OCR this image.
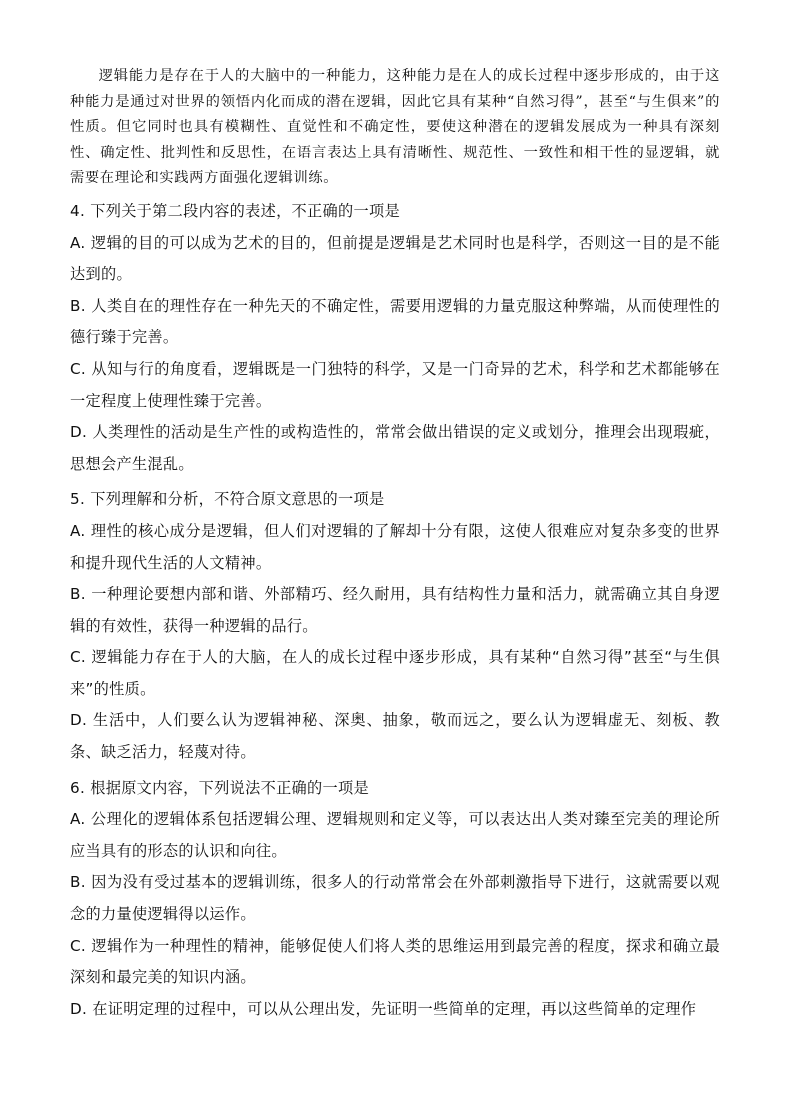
逻辑能力是存在于人的大脑中的一种能力，这种能力是在人的成长过程中逐步形成的，由于这种能力是通过对世界的领悟内化而成的潜在逻辑，因此它具有某种“自然习得”，甚至“与生俱来”的性质。但它同时也具有模糊性、直觉性和不确定性，要使这种潜在的逻辑发展成为一种具有深刻性、确定性、批判性和反思性，在语言表达上具有清晰性、规范性、一致性和相干性的显逻辑，就需要在理论和实践两方面强化逻辑训练。

4. 下列关于第二段内容的表述，不正确的一项是

A. 逻辑的目的可以成为艺术的目的，但前提是逻辑是艺术同时也是科学，否则这一目的是不能达到的。

B. 人类自在的理性存在一种先天的不确定性，需要用逻辑的力量克服这种弊端，从而使理性的德行臻于完善。

C. 从知与行的角度看，逻辑既是一门独特的科学，又是一门奇异的艺术，科学和艺术都能够在一定程度上使理性臻于完善。

D. 人类理性的活动是生产性的或构造性的，常常会做出错误的定义或划分，推理会出现瑕疵，思想会产生混乱。

5. 下列理解和分析，不符合原文意思的一项是

A. 理性的核心成分是逻辑，但人们对逻辑的了解却十分有限，这使人很难应对复杂多变的世界和提升现代生活的人文精神。

B. 一种理论要想内部和谐、外部精巧、经久耐用，具有结构性力量和活力，就需确立其自身逻辑的有效性，获得一种逻辑的品行。

C. 逻辑能力存在于人的大脑，在人的成长过程中逐步形成，具有某种“自然习得”甚至“与生俱来”的性质。

D. 生活中，人们要么认为逻辑神秘、深奥、抽象，敬而远之，要么认为逻辑虚无、刻板、教条、缺乏活力，轻蔑对待。

6. 根据原文内容，下列说法不正确的一项是

A. 公理化的逻辑体系包括逻辑公理、逻辑规则和定义等，可以表达出人类对臻至完美的理论所应当具有的形态的认识和向往。

B. 因为没有受过基本的逻辑训练，很多人的行动常常会在外部刺激指导下进行，这就需要以观念的力量使逻辑得以运作。

C. 逻辑作为一种理性的精神，能够促使人们将人类的思维运用到最完善的程度，探求和确立最深刻和最完美的知识内涵。

D. 在证明定理的过程中，可以从公理出发，先证明一些简单的定理，再以这些简单的定理作
